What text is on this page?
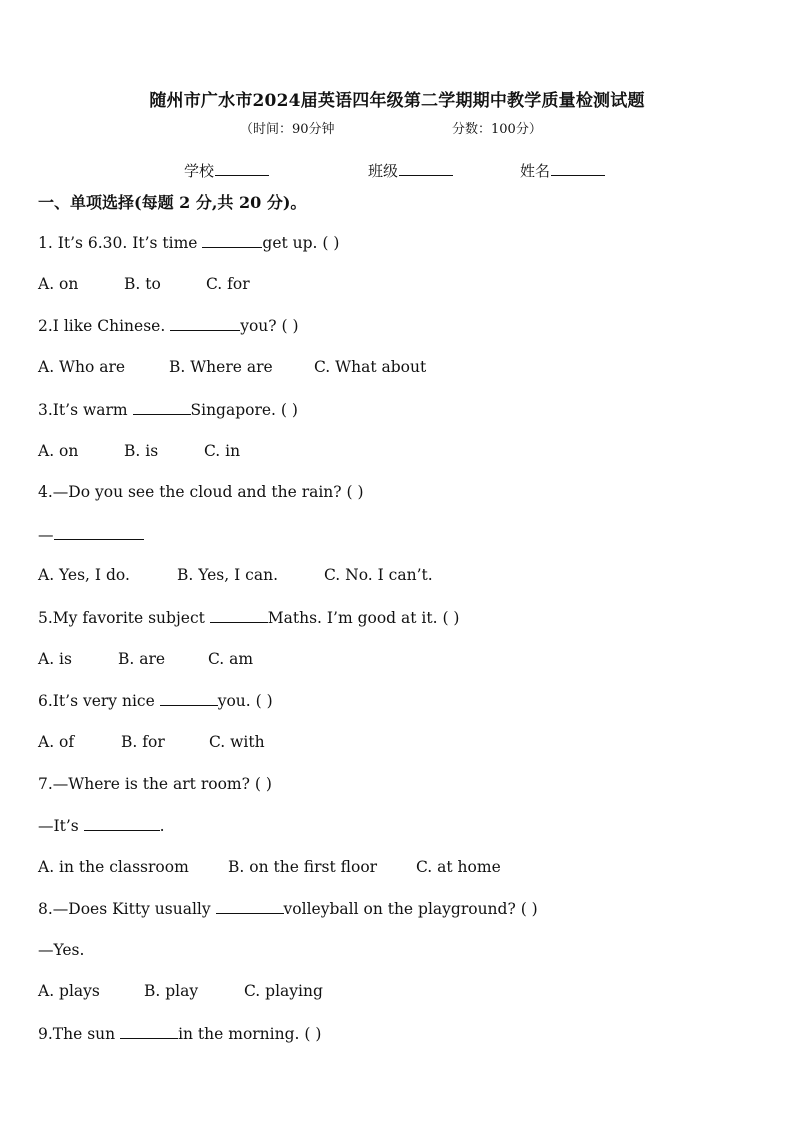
随州市广水市2024届英语四年级第二学期期中教学质量检测试题
（时间：90分钟	分数：100分）
学校	班级	姓名
一、单项选择(每题 2 分,共 20 分)。
1. It’s 6.30. It’s time	get up. ( )
A. on	B. to	C. for
2.I like Chinese.	you? ( )
A. Who are	B. Where are	C. What about
3.It’s warm	Singapore. ( )
A. on	B. is	C. in
4.—Do you see the cloud and the rain? ( )
—
A. Yes, I do.	B. Yes, I can.	C. No. I can’t.
5.My favorite subject	Maths. I’m good at it. ( )
A. is	B. are	C. am
6.It’s very nice	you. ( )
A. of	B. for	C. with
7.—Where is the art room? ( )
—It’s	.
A. in the classroom	B. on the first floor	C. at home
8.—Does Kitty usually	volleyball on the playground? ( )
—Yes.
A. plays	B. play	C. playing
9.The sun	in the morning. ( )
